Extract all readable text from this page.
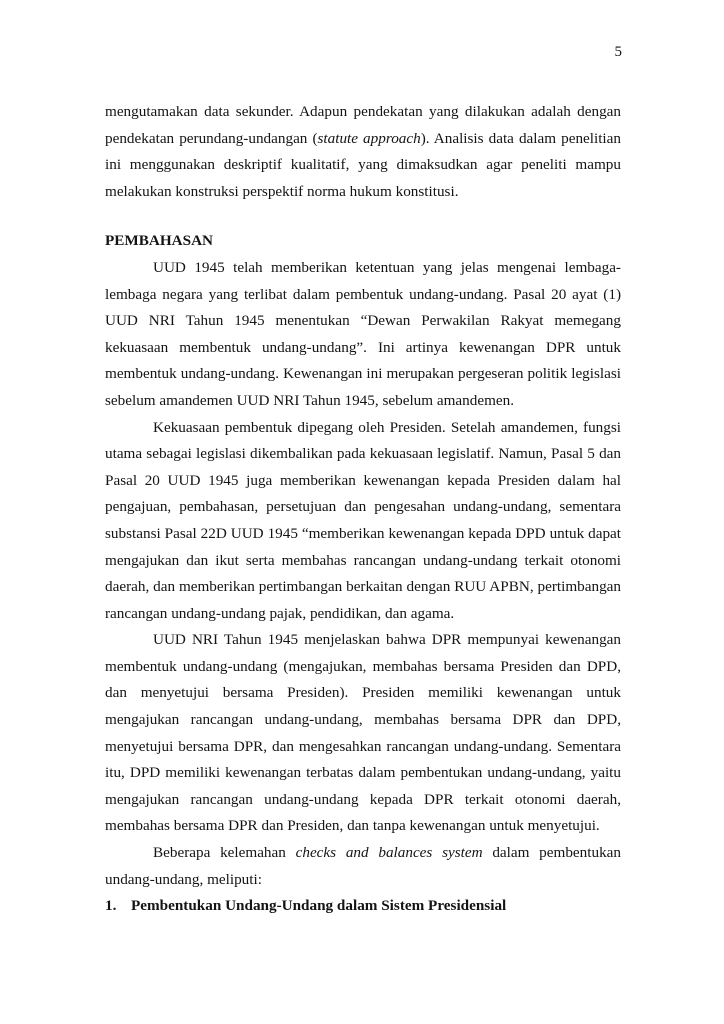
5

mengutamakan data sekunder. Adapun pendekatan yang dilakukan adalah dengan pendekatan perundang-undangan (statute approach). Analisis data dalam penelitian ini menggunakan deskriptif kualitatif, yang dimaksudkan agar peneliti mampu melakukan konstruksi perspektif norma hukum konstitusi.

PEMBAHASAN

UUD 1945 telah memberikan ketentuan yang jelas mengenai lembaga-lembaga negara yang terlibat dalam pembentuk undang-undang. Pasal 20 ayat (1) UUD NRI Tahun 1945 menentukan “Dewan Perwakilan Rakyat memegang kekuasaan membentuk undang-undang”. Ini artinya kewenangan DPR untuk membentuk undang-undang. Kewenangan ini merupakan pergeseran politik legislasi sebelum amandemen UUD NRI Tahun 1945, sebelum amandemen.

Kekuasaan pembentuk dipegang oleh Presiden. Setelah amandemen, fungsi utama sebagai legislasi dikembalikan pada kekuasaan legislatif. Namun, Pasal 5 dan Pasal 20 UUD 1945 juga memberikan kewenangan kepada Presiden dalam hal pengajuan, pembahasan, persetujuan dan pengesahan undang-undang, sementara substansi Pasal 22D UUD 1945 “memberikan kewenangan kepada DPD untuk dapat mengajukan dan ikut serta membahas rancangan undang-undang terkait otonomi daerah, dan memberikan pertimbangan berkaitan dengan RUU APBN, pertimbangan rancangan undang-undang pajak, pendidikan, dan agama.

UUD NRI Tahun 1945 menjelaskan bahwa DPR mempunyai kewenangan membentuk undang-undang (mengajukan, membahas bersama Presiden dan DPD, dan menyetujui bersama Presiden). Presiden memiliki kewenangan untuk mengajukan rancangan undang-undang, membahas bersama DPR dan DPD, menyetujui bersama DPR, dan mengesahkan rancangan undang-undang. Sementara itu, DPD memiliki kewenangan terbatas dalam pembentukan undang-undang, yaitu mengajukan rancangan undang-undang kepada DPR terkait otonomi daerah, membahas bersama DPR dan Presiden, dan tanpa kewenangan untuk menyetujui.

Beberapa kelemahan checks and balances system dalam pembentukan undang-undang, meliputi:

1. Pembentukan Undang-Undang dalam Sistem Presidensial
